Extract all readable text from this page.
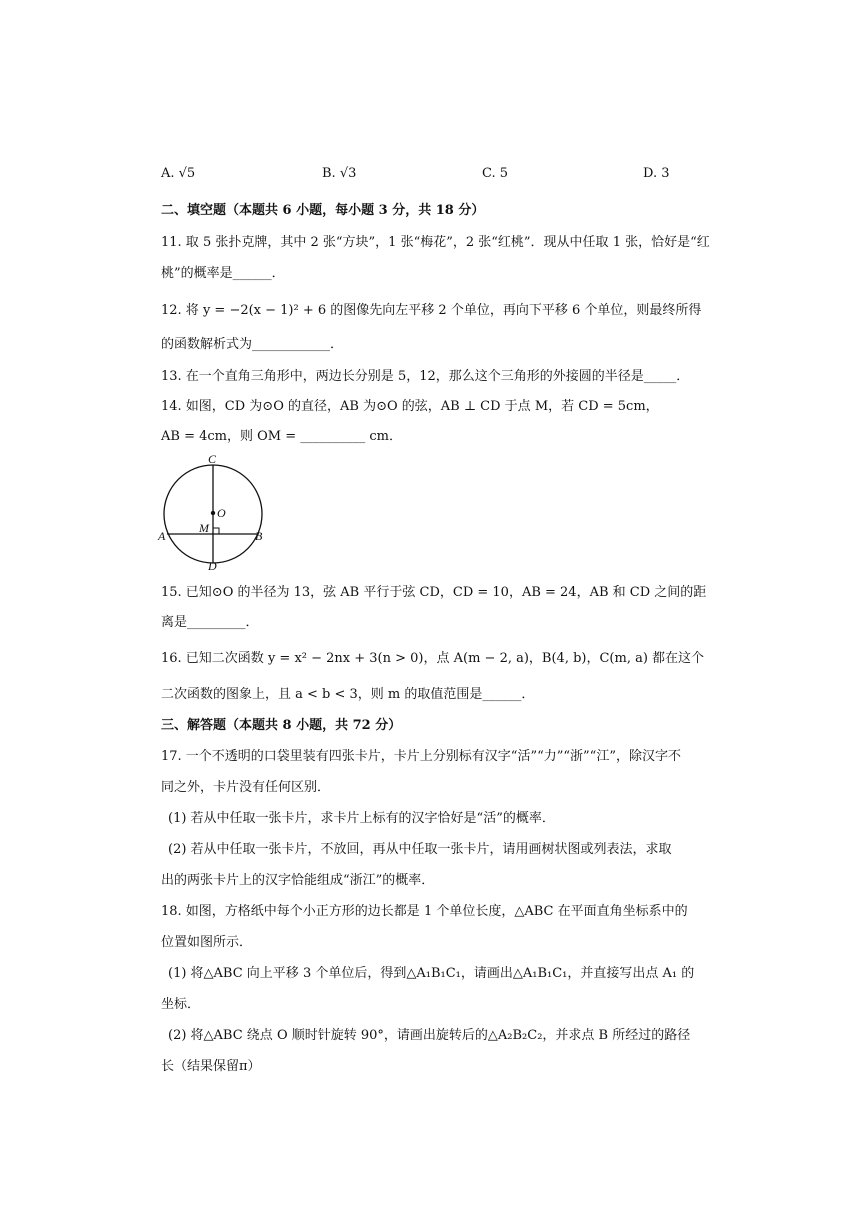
A. √5	B. √3	C. 5	D. 3
二、填空题（本题共 6 小题，每小题 3 分，共 18 分）
11. 取 5 张扑克牌，其中 2 张“方块”，1 张“梅花”，2 张“红桃”．现从中任取 1 张，恰好是“红
桃”的概率是______．
12. 将 y = −2(x − 1)² + 6 的图像先向左平移 2 个单位，再向下平移 6 个单位，则最终所得
的函数解析式为____________．
13. 在一个直角三角形中，两边长分别是 5，12，那么这个三角形的外接圆的半径是_____．
14. 如图，CD 为⊙O 的直径，AB 为⊙O 的弦，AB ⊥ CD 于点 M，若 CD = 5cm，
AB = 4cm，则 OM = __________ cm．
C
O
M
A	B
D
15. 已知⊙O 的半径为 13，弦 AB 平行于弦 CD，CD = 10，AB = 24，AB 和 CD 之间的距
离是_________．
16. 已知二次函数 y = x² − 2nx + 3(n > 0)，点 A(m − 2, a)，B(4, b)，C(m, a) 都在这个
二次函数的图象上，且 a < b < 3，则 m 的取值范围是______．
三、解答题（本题共 8 小题，共 72 分）
17. 一个不透明的口袋里装有四张卡片，卡片上分别标有汉字“活”“力”“浙”“江”，除汉字不
同之外，卡片没有任何区别．
(1) 若从中任取一张卡片，求卡片上标有的汉字恰好是“活”的概率．
(2) 若从中任取一张卡片，不放回，再从中任取一张卡片，请用画树状图或列表法，求取
出的两张卡片上的汉字恰能组成“浙江”的概率．
18. 如图，方格纸中每个小正方形的边长都是 1 个单位长度，△ABC 在平面直角坐标系中的
位置如图所示．
(1) 将△ABC 向上平移 3 个单位后，得到△A₁B₁C₁，请画出△A₁B₁C₁，并直接写出点 A₁ 的
坐标．
(2) 将△ABC 绕点 O 顺时针旋转 90°，请画出旋转后的△A₂B₂C₂，并求点 B 所经过的路径
长（结果保留π）
